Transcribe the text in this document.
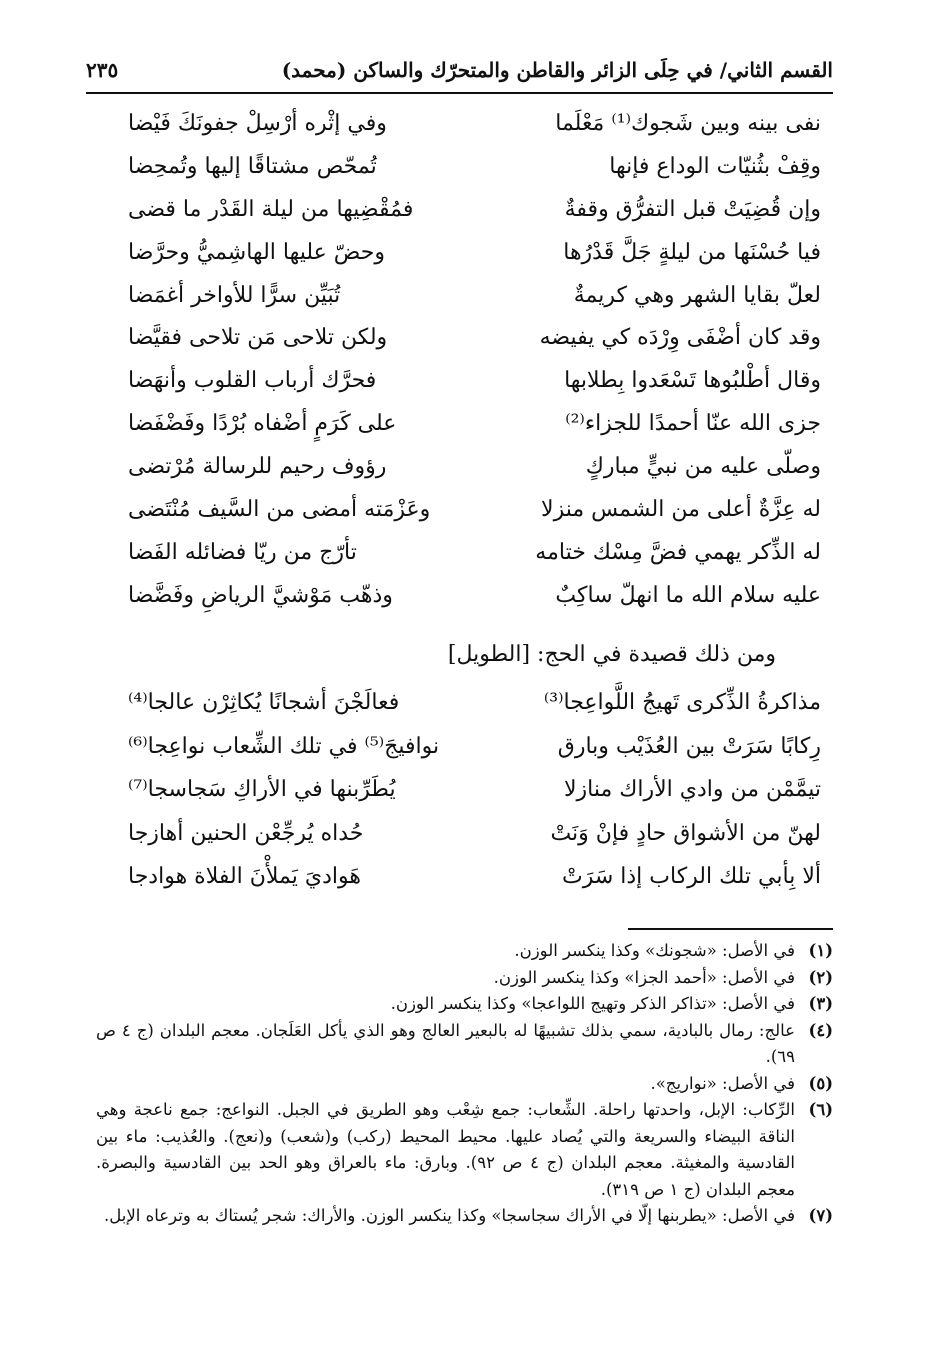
القسم الثاني/ في حِلَى الزائر والقاطن والمتحرّك والساكن (محمد)
٢٣٥
نفى بينه وبين شَجوك⁽¹⁾ مَعْلَما
وفي إثْره أرْسِلْ جفونَكَ فَيْضا
وقِفْ بثُنيّات الوداع فإنها
تُمحّص مشتاقًا إليها وتُمحِضا
وإن قُضِيَتْ قبل التفرُّق وقفةٌ
فمُقْضِيها من ليلة القَدْر ما قضى
فيا حُسْنَها من ليلةٍ جَلَّ قَدْرُها
وحضّ عليها الهاشِميُّ وحرَّضا
لعلّ بقايا الشهر وهي كريمةٌ
تُبَيِّن سرًّا للأواخر أغمَضا
وقد كان أضْفَى وِرْدَه كي يفيضه
ولكن تلاحى مَن تلاحى فقيَّضا
وقال أطْلبُوها تَسْعَدوا بِطلابها
فحرَّك أرباب القلوب وأنهَضا
جزى الله عنّا أحمدًا للجزاء⁽²⁾
على كَرَمٍ أضْفاه بُرْدًا وفَضْفَضا
وصلّى عليه من نبيٍّ مباركٍ
رؤوف رحيم للرسالة مُرْتضى
له عِزَّةٌ أعلى من الشمس منزلا
وعَزْمَته أمضى من السَّيف مُنْتَضى
له الذِّكر يهمي فضَّ مِسْك ختامه
تأرّج من ريّا فضائله الفَضا
عليه سلام الله ما انهلّ ساكِبٌ
وذهّب مَوْشيَّ الرياضِ وفَضَّضا
ومن ذلك قصيدة في الحج: [الطويل]
مذاكرةُ الذِّكرى تَهيجُ اللَّواعِجا⁽³⁾
فعالَجْنَ أشجانًا يُكاثِرْن عالجا⁽⁴⁾
رِكابًا سَرَتْ بين العُذَيْب وبارق
نوافيجَ⁽⁵⁾ في تلك الشِّعاب نواعِجا⁽⁶⁾
تيمَّمْن من وادي الأراك منازلا
يُطَرِّبنها في الأراكِ سَجاسجا⁽⁷⁾
لهنّ من الأشواق حادٍ فإنْ وَنَتْ
حُداه يُرجِّعْن الحنين أهازجا
ألا بِأبي تلك الركاب إذا سَرَتْ
هَواديَ يَملأْنَ الفلاة هوادجا
(١)
في الأصل: «شجونك» وكذا ينكسر الوزن.
(٢)
في الأصل: «أحمد الجزا» وكذا ينكسر الوزن.
(٣)
في الأصل: «تذاكر الذكر وتهيج اللواعجا» وكذا ينكسر الوزن.
(٤)
عالج: رمال بالبادية، سمي بذلك تشبيهًا له بالبعير العالج وهو الذي يأكل العَلَجان. معجم البلدان (ج ٤ ص ٦٩).
(٥)
في الأصل: «نواريج».
(٦)
الرِّكاب: الإبل، واحدتها راحلة. الشِّعاب: جمع شِعْب وهو الطريق في الجبل. النواعج: جمع ناعجة وهي الناقة البيضاء والسريعة والتي يُصاد عليها. محيط المحيط (ركب) و(شعب) و(نعج). والعُذيب: ماء بين القادسية والمغيثة. معجم البلدان (ج ٤ ص ٩٢). وبارق: ماء بالعراق وهو الحد بين القادسية والبصرة. معجم البلدان (ج ١ ص ٣١٩).
(٧)
في الأصل: «يطربنها إلّا في الأراك سجاسجا» وكذا ينكسر الوزن. والأراك: شجر يُستاك به وترعاه الإبل.
